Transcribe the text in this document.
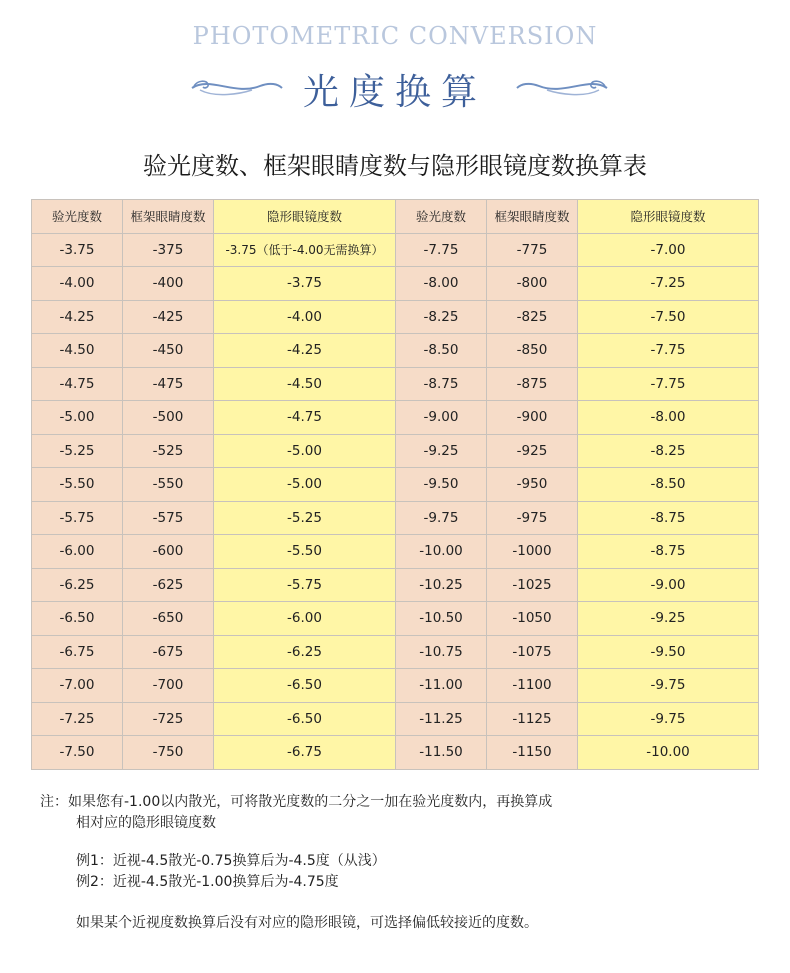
PHOTOMETRIC CONVERSION
光度换算
验光度数、框架眼睛度数与隐形眼镜度数换算表
验光度数	框架眼睛度数	隐形眼镜度数	验光度数	框架眼睛度数	隐形眼镜度数
-3.75	-375	-3.75（低于-4.00无需换算）	-7.75	-775	-7.00
-4.00	-400	-3.75	-8.00	-800	-7.25
-4.25	-425	-4.00	-8.25	-825	-7.50
-4.50	-450	-4.25	-8.50	-850	-7.75
-4.75	-475	-4.50	-8.75	-875	-7.75
-5.00	-500	-4.75	-9.00	-900	-8.00
-5.25	-525	-5.00	-9.25	-925	-8.25
-5.50	-550	-5.00	-9.50	-950	-8.50
-5.75	-575	-5.25	-9.75	-975	-8.75
-6.00	-600	-5.50	-10.00	-1000	-8.75
-6.25	-625	-5.75	-10.25	-1025	-9.00
-6.50	-650	-6.00	-10.50	-1050	-9.25
-6.75	-675	-6.25	-10.75	-1075	-9.50
-7.00	-700	-6.50	-11.00	-1100	-9.75
-7.25	-725	-6.50	-11.25	-1125	-9.75
-7.50	-750	-6.75	-11.50	-1150	-10.00
注：如果您有-1.00以内散光，可将散光度数的二分之一加在验光度数内，再换算成
相对应的隐形眼镜度数
例1：近视-4.5散光-0.75换算后为-4.5度（从浅）
例2：近视-4.5散光-1.00换算后为-4.75度
如果某个近视度数换算后没有对应的隐形眼镜，可选择偏低较接近的度数。
